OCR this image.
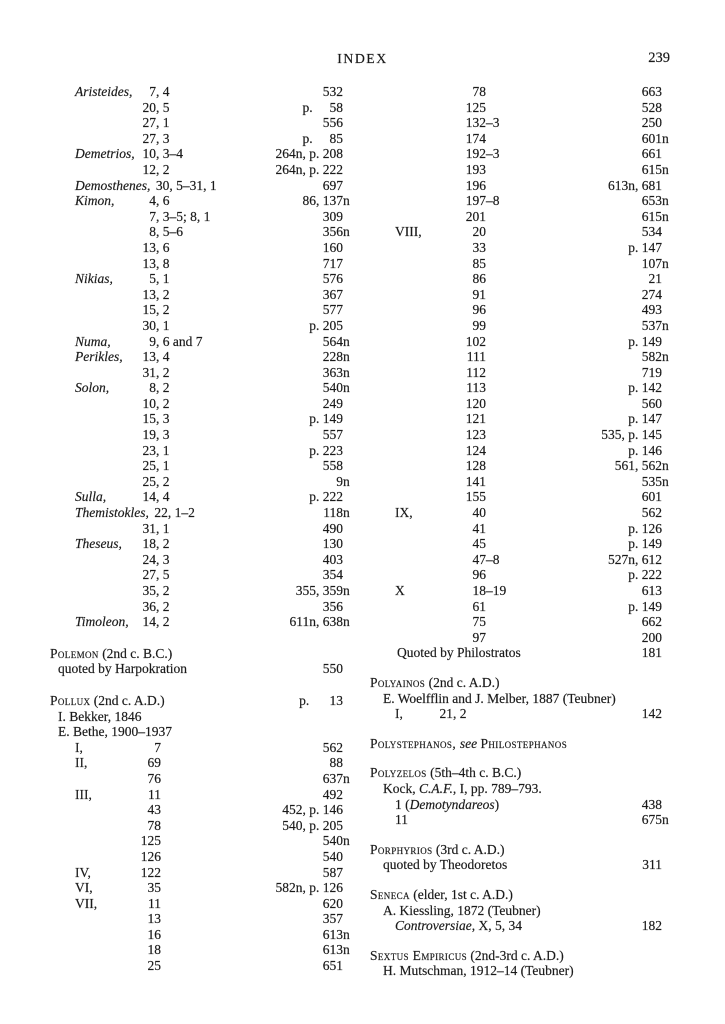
INDEX	239
Aristeides,	7 , 4	532
20 , 5	p.     58
27 , 1	556
27 , 3	p.     85
Demetrios, 10 , 3–4	264n, p. 208
12 , 2	264n, p. 222
Demosthenes, 30 , 5–31, 1	697
Kimon,	4 , 6	86, 137 n
7 , 3–5; 8, 1	309
8 , 5–6	356 n
13 , 6	160
13 , 8	717
Nikias,	5 , 1	576
13 , 2	367
15 , 2	577
30 , 1	p. 205
Numa,	9 , 6 and 7	564 n
Perikles,	13 , 4	228 n
31 , 2	363 n
Solon,	8 , 2	540 n
10 , 2	249
15 , 3	p. 149
19 , 3	557
23 , 1	p. 223
25 , 1	558
25 , 2	9 n
Sulla,	14 , 4	p. 222
Themistokles, 22 , 1–2	118 n
31 , 1	490
Theseus,	18 , 2	130
24 , 3	403
27 , 5	354
35 , 2	355, 359 n
36 , 2	356
Timoleon,	14 , 2	611n, 638 n
Polemon (2nd c. B.C.)
quoted by Harpokration	550
Pollux (2nd c. A.D.)	p.      13
I. Bekker, 1846
E. Bethe, 1900–1937
I,	7	562
II,	69	88
76	637 n
III,	11	492
43	452, p. 146
78	540, p. 205
125	540 n
126	540
IV,	122	587
VI,	35	582n, p. 126
VII,	11	620
13	357
16	613 n
18	613 n
25	651
78	663
125	528
132 –3	250
174	601 n
192 –3	661
193	615 n
196	613n, 681
197 –8	653 n
201	615 n
VIII,	20	534
33	p. 147
85	107 n
86	21
91	274
96	493
99	537 n
102	p. 149
111	582 n
112	719
113	p. 142
120	560
121	p. 147
123	535, p. 145
124	p. 146
128	561, 562 n
141	535 n
155	601
IX,	40	562
41	p. 126
45	p. 149
47 –8	527n, 612
96	p. 222
X	18 –19	613
61	p. 149
75	662
97	200
Quoted by Philostratos	181
Polyainos (2nd c. A.D.)
E. Woelfflin and J. Melber, 1887 (Teubner)
I,	21 , 2	142
Polystephanos, see Philostephanos
Polyzelos (5th–4th c. B.C.)
Kock, C.A.F., I, pp. 789–793.
1 (Demotyndareos)	438
11	675 n
Porphyrios (3rd c. A.D.)
quoted by Theodoretos	311
Seneca (elder, 1st c. A.D.)
A. Kiessling, 1872 (Teubner)
Controversiae, X, 5, 34	182
Sextus Empiricus (2nd-3rd c. A.D.)
H. Mutschman, 1912–14 (Teubner)
